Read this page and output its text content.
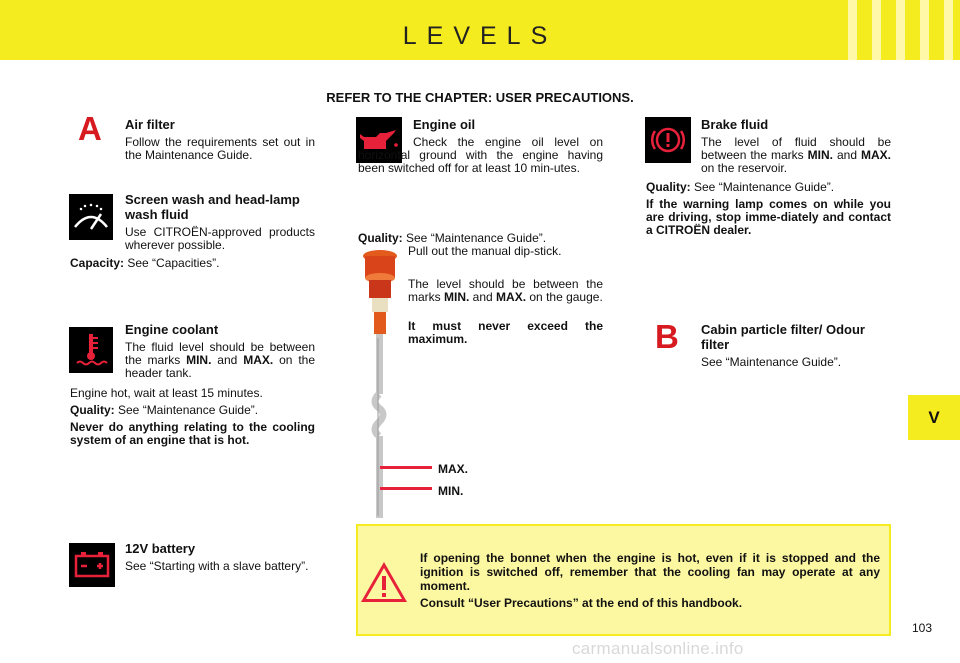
LEVELS
REFER TO THE CHAPTER: USER PRECAUTIONS.
A Air filter
Follow the requirements set out in the Maintenance Guide.
Screen wash and head-lamp wash fluid
Use CITROËN-approved products wherever possible.
Capacity: See “Capacities”.
Engine coolant
The fluid level should be between the marks MIN. and MAX. on the header tank.
Engine hot, wait at least 15 minutes.
Quality: See “Maintenance Guide”.
Never do anything relating to the cooling system of an engine that is hot.
12V battery
See “Starting with a slave battery”.
Engine oil
Check the engine oil level on horizontal ground with the engine having been switched off for at least 10 min-utes.
Quality: See “Maintenance Guide”.
MAX.
MIN.
Pull out the manual dip-stick.
The level should be between the marks MIN. and MAX. on the gauge.
It must never exceed the maximum.
Brake fluid
The level of fluid should be between the marks MIN. and MAX. on the reservoir.
Quality: See “Maintenance Guide”.
If the warning lamp comes on while you are driving, stop imme-diately and contact a CITROËN dealer.
B Cabin particle filter/ Odour filter
See “Maintenance Guide”.
V
If opening the bonnet when the engine is hot, even if it is stopped and the ignition is switched off, remember that the cooling fan may operate at any moment.
Consult “User Precautions” at the end of this handbook.
103
carmanualsonline.info
